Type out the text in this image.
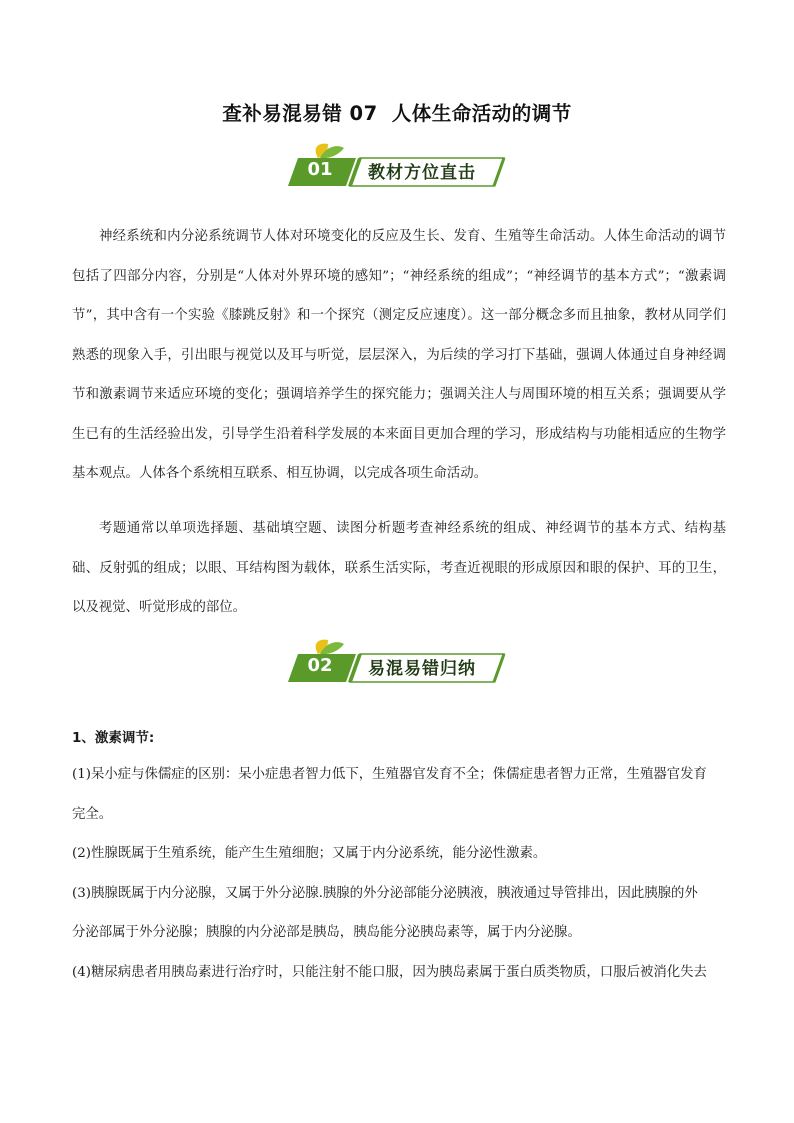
查补易混易错 07 人体生命活动的调节
01	教材方位直击
神经系统和内分泌系统调节人体对环境变化的反应及生长、发育、生殖等生命活动。人体生命活动的调节包括了四部分内容，分别是“人体对外界环境的感知”；“神经系统的组成”；“神经调节的基本方式”；“激素调节”，其中含有一个实验《膝跳反射》和一个探究（测定反应速度）。这一部分概念多而且抽象，教材从同学们熟悉的现象入手，引出眼与视觉以及耳与听觉，层层深入，为后续的学习打下基础，强调人体通过自身神经调节和激素调节来适应环境的变化；强调培养学生的探究能力；强调关注人与周围环境的相互关系；强调要从学生已有的生活经验出发，引导学生沿着科学发展的本来面目更加合理的学习，形成结构与功能相适应的生物学基本观点。人体各个系统相互联系、相互协调，以完成各项生命活动。
考题通常以单项选择题、基础填空题、读图分析题考查神经系统的组成、神经调节的基本方式、结构基础、反射弧的组成；以眼、耳结构图为载体，联系生活实际，考查近视眼的形成原因和眼的保护、耳的卫生，以及视觉、听觉形成的部位。
02	易混易错归纳
1、激素调节:
(1)呆小症与侏儒症的区别：呆小症患者智力低下，生殖器官发育不全；侏儒症患者智力正常，生殖器官发育
完全。
(2)性腺既属于生殖系统，能产生生殖细胞；又属于内分泌系统，能分泌性激素。
(3)胰腺既属于内分泌腺，又属于外分泌腺.胰腺的外分泌部能分泌胰液，胰液通过导管排出，因此胰腺的外
分泌部属于外分泌腺；胰腺的内分泌部是胰岛，胰岛能分泌胰岛素等，属于内分泌腺。
(4)糖尿病患者用胰岛素进行治疗时，只能注射不能口服，因为胰岛素属于蛋白质类物质，口服后被消化失去
